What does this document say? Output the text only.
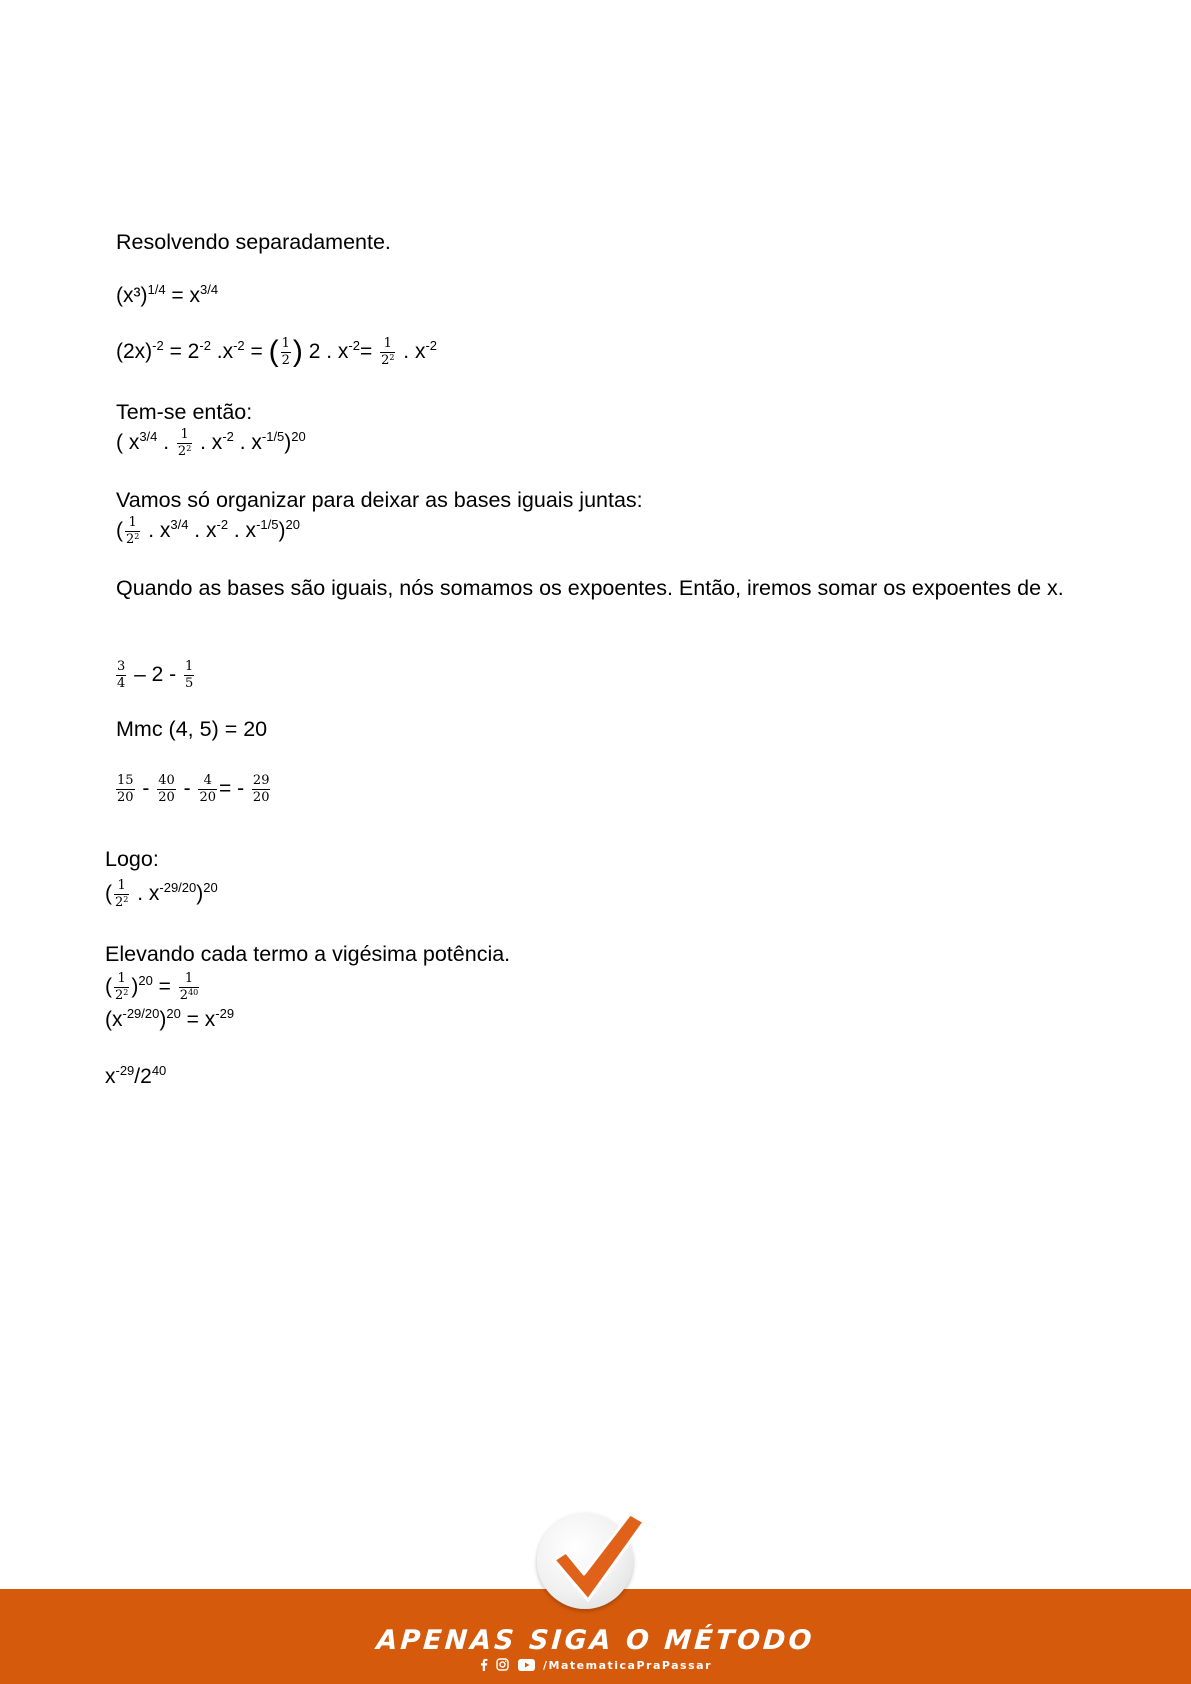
Resolvendo separadamente.
$(x^3)^{1/4} = x^{3/4}$
$(2x)^{-2} = 2^{-2}$ $.x^{-2}$ = ( $\frac{1}{2}$ ) 2 . $x^{-2}= \frac{1}{2^2}$ . $x^{-2}$
Tem-se então:
( $x^{3/4}$ . $\frac{1}{2^2}$ . $x^{-2}$ . $x^{-1/5})^{20}$
Vamos só organizar para deixar as bases iguais juntas:
( $\frac{1}{2^2}$ . $x^{3/4}$ . $x^{-2}$ . $x^{-1/5})^{20}$
Quando as bases são iguais, nós somamos os expoentes. Então, iremos somar os expoentes de x.
$\frac{3}{4} - 2 - \frac{1}{5}$
Mmc (4, 5) = 20
$\frac{15}{20} - \frac{40}{20} - \frac{4}{20}$ = - $\frac{29}{20}$
Logo:
( $\frac{1}{2^2}$ . $x^{-29/20})^{20}$
Elevando cada termo a vigésima potência.
( $\frac{1}{2^2} )^{20} = \frac{1}{2^{40}}$
$(x^{-29/20})^{20} = x^{-29}$
$x^{-29}/2^{40}$
APENAS SIGA O MÉTODO
/MatematicaPraPassar
